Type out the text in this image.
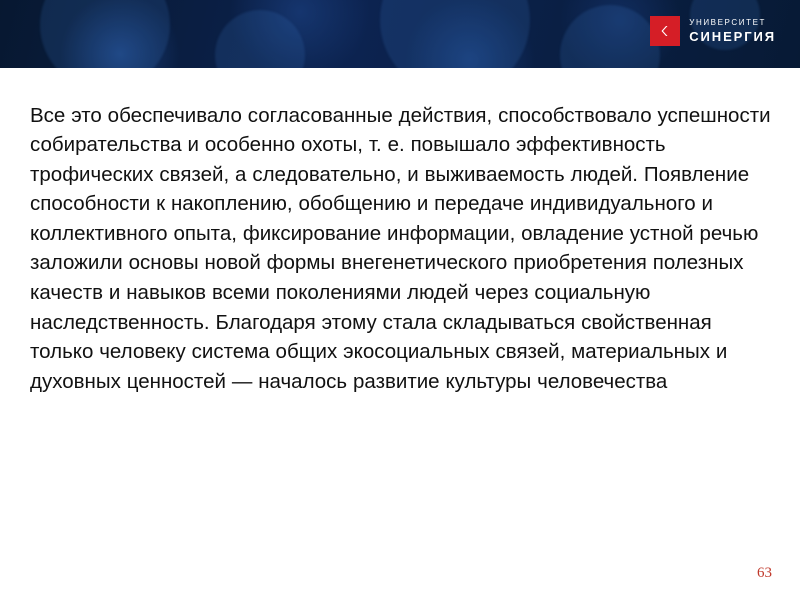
УНИВЕРСИТЕТ
СИНЕРГИЯ

Все это обеспечивало согласованные действия, способствовало успешности собирательства и особенно охоты, т. е. повышало эффективность трофических связей, а следовательно, и выживаемость людей. Появление способности к накоплению, обобщению и передаче индивидуального и коллективного опыта, фиксирование информации, овладение устной речью заложили основы новой формы внегенетического приобретения полезных качеств и навыков всеми поколениями людей через социальную наследственность. Благодаря этому стала складываться свойственная только человеку система общих экосоциальных связей, материальных и духовных ценностей — началось развитие культуры человечества

63
